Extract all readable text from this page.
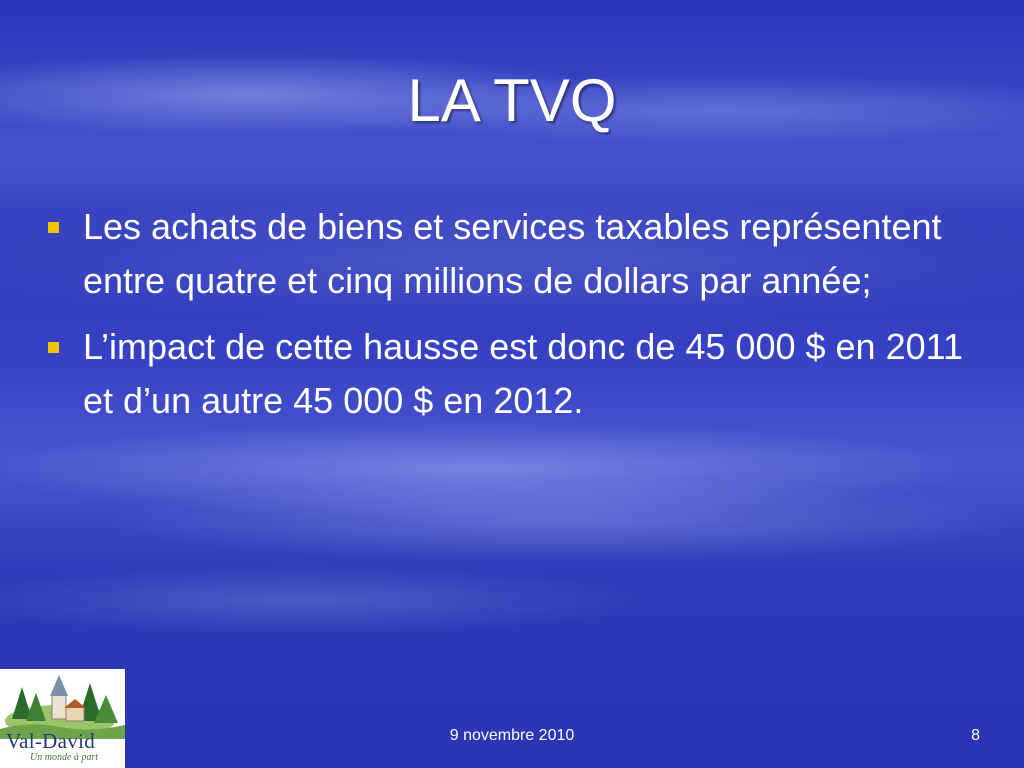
LA TVQ
Les achats de biens et services taxables représentent entre quatre et cinq millions de dollars par année;
L’impact de cette hausse est donc de 45 000 $ en 2011 et d’un autre 45 000 $ en 2012.
Val-David
Un monde à part
9 novembre 2010	8
